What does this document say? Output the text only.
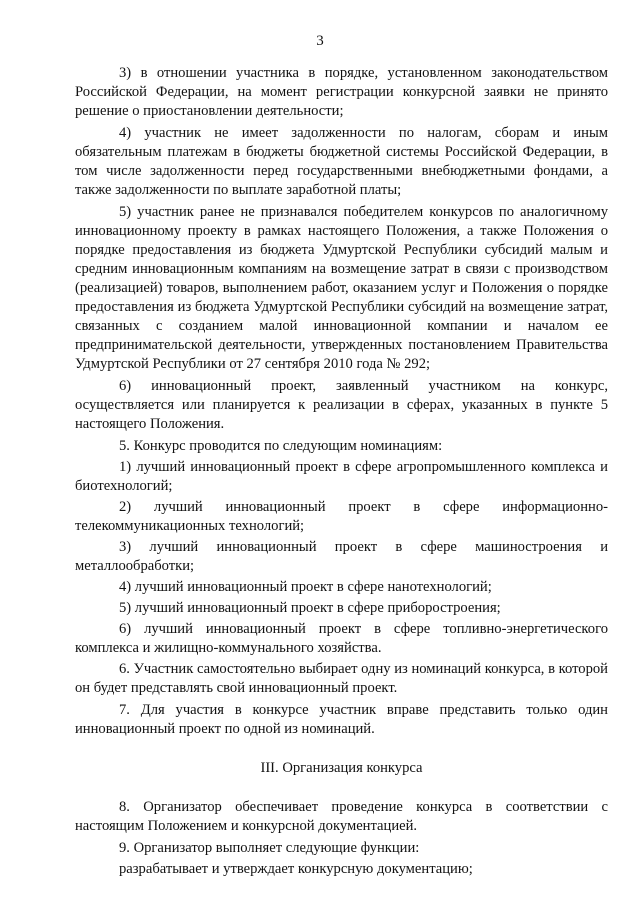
3

3) в отношении участника в порядке, установленном законодательством Российской Федерации, на момент регистрации конкурсной заявки не принято решение о приостановлении деятельности;

4) участник не имеет задолженности по налогам, сборам и иным обязательным платежам в бюджеты бюджетной системы Российской Федерации, в том числе задолженности перед государственными внебюджетными фондами, а также задолженности по выплате заработной платы;

5) участник ранее не признавался победителем конкурсов по аналогичному инновационному проекту в рамках настоящего Положения, а также Положения о порядке предоставления из бюджета Удмуртской Республики субсидий малым и средним инновационным компаниям на возмещение затрат в связи с производством (реализацией) товаров, выполнением работ, оказанием услуг и Положения о порядке предоставления из бюджета Удмуртской Республики субсидий на возмещение затрат, связанных с созданием малой инновационной компании и началом ее предпринимательской деятельности, утвержденных постановлением Правительства Удмуртской Республики от 27 сентября 2010 года № 292;

6) инновационный проект, заявленный участником на конкурс, осуществляется или планируется к реализации в сферах, указанных в пункте 5 настоящего Положения.

5. Конкурс проводится по следующим номинациям:

1) лучший инновационный проект в сфере агропромышленного комплекса и биотехнологий;

2) лучший инновационный проект в сфере информационно-телекоммуникационных технологий;

3) лучший инновационный проект в сфере машиностроения и металлообработки;

4) лучший инновационный проект в сфере нанотехнологий;

5) лучший инновационный проект в сфере приборостроения;

6) лучший инновационный проект в сфере топливно-энергетического комплекса и жилищно-коммунального хозяйства.

6. Участник самостоятельно выбирает одну из номинаций конкурса, в которой он будет представлять свой инновационный проект.

7. Для участия в конкурсе участник вправе представить только один инновационный проект по одной из номинаций.

III. Организация конкурса

8. Организатор обеспечивает проведение конкурса в соответствии с настоящим Положением и конкурсной документацией.

9. Организатор выполняет следующие функции:

разрабатывает и утверждает конкурсную документацию;
